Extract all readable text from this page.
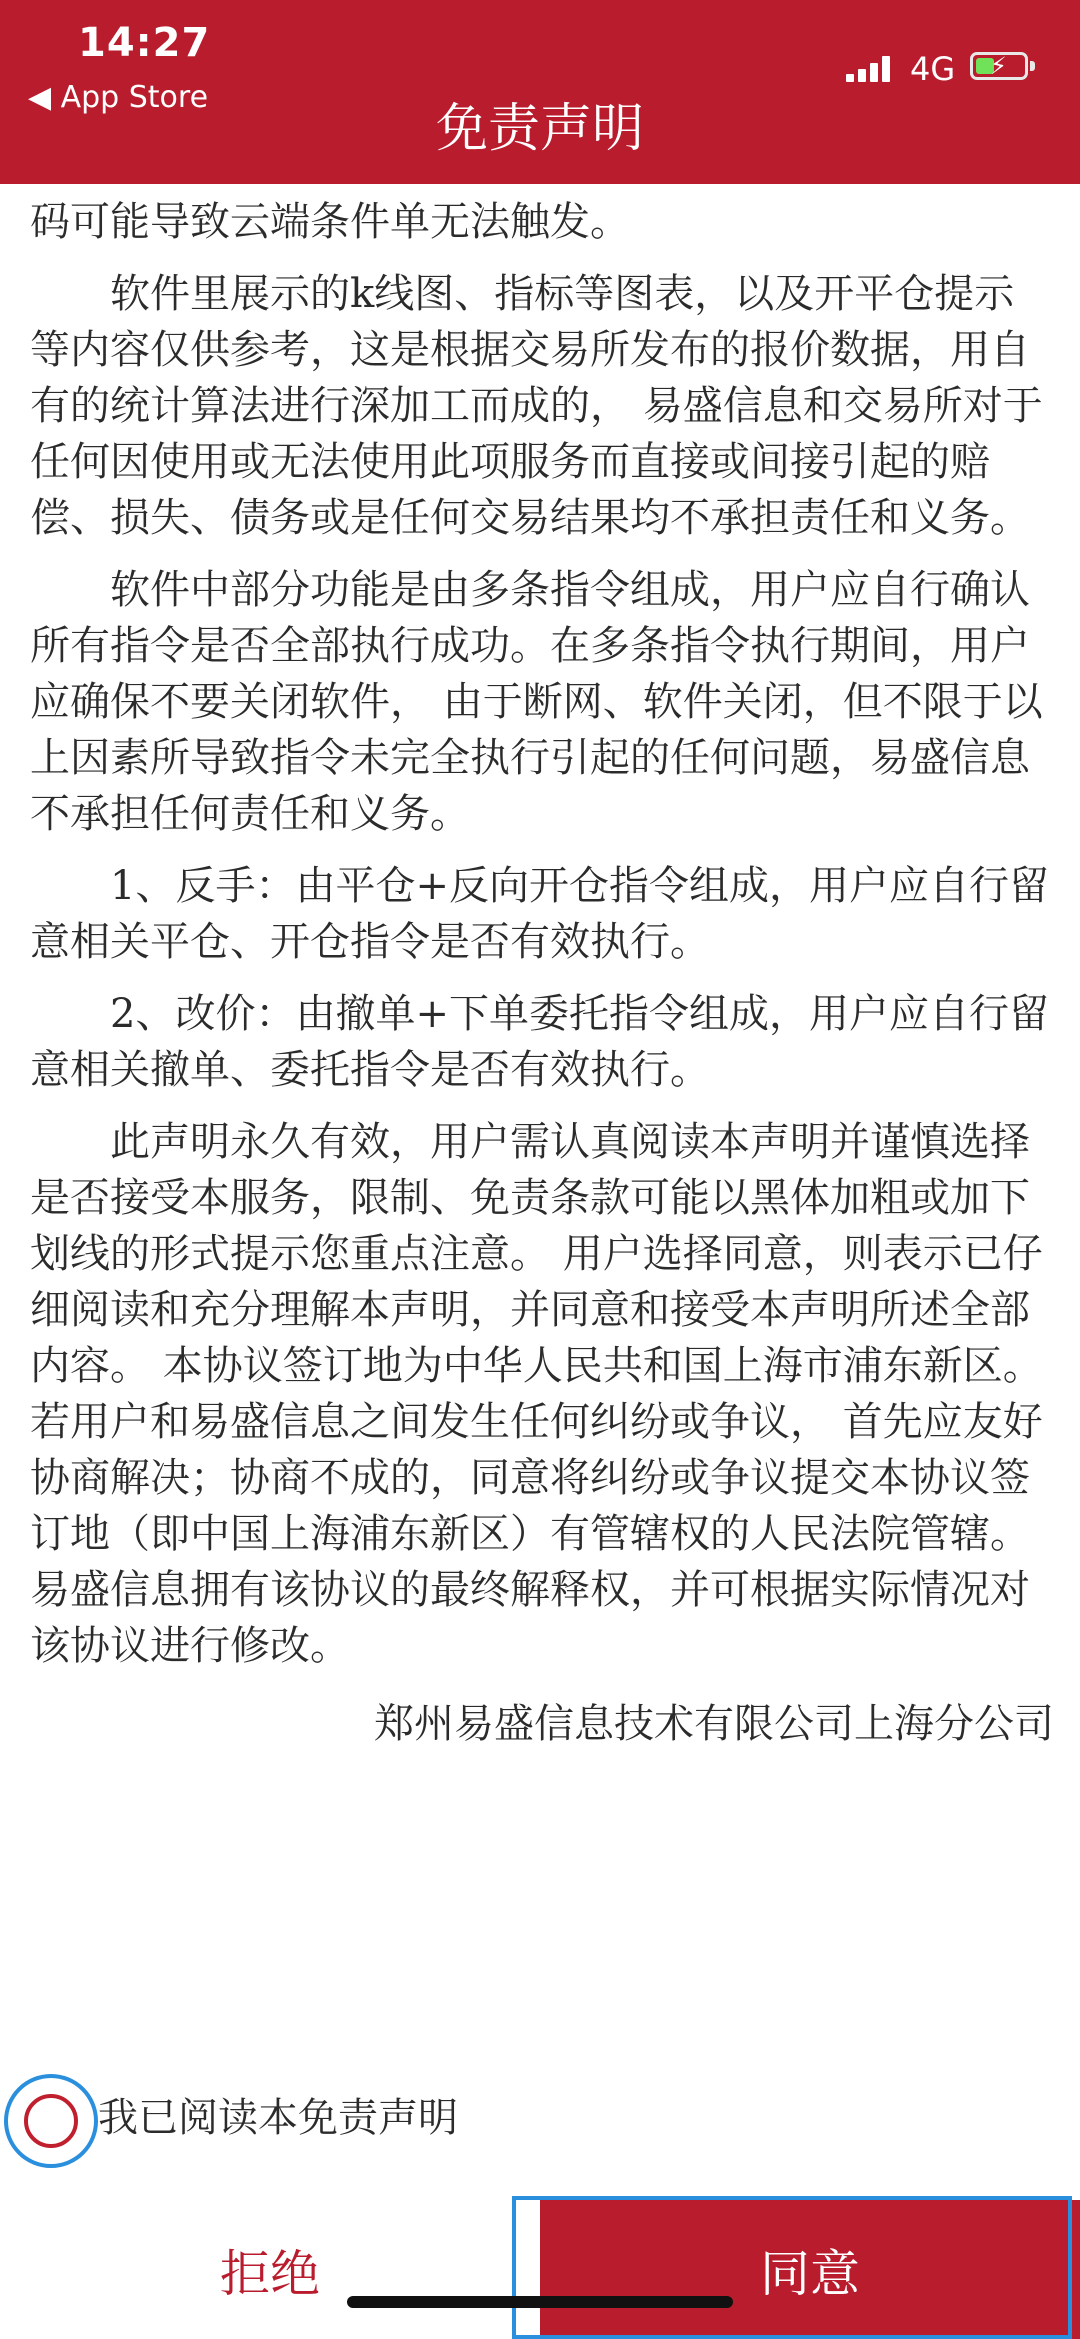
14:27
◀ App Store
4G ⚡
免责声明

码可能导致云端条件单无法触发。

软件里展示的k线图、指标等图表，以及开平仓提示等内容仅供参考，这是根据交易所发布的报价数据，用自有的统计算法进行深加工而成的， 易盛信息和交易所对于任何因使用或无法使用此项服务而直接或间接引起的赔偿、损失、债务或是任何交易结果均不承担责任和义务。

软件中部分功能是由多条指令组成，用户应自行确认所有指令是否全部执行成功。在多条指令执行期间，用户应确保不要关闭软件， 由于断网、软件关闭，但不限于以上因素所导致指令未完全执行引起的任何问题，易盛信息不承担任何责任和义务。

1、反手：由平仓+反向开仓指令组成，用户应自行留意相关平仓、开仓指令是否有效执行。

2、改价：由撤单+下单委托指令组成，用户应自行留意相关撤单、委托指令是否有效执行。

此声明永久有效，用户需认真阅读本声明并谨慎选择是否接受本服务，限制、免责条款可能以黑体加粗或加下划线的形式提示您重点注意。 用户选择同意，则表示已仔细阅读和充分理解本声明，并同意和接受本声明所述全部内容。 本协议签订地为中华人民共和国上海市浦东新区。若用户和易盛信息之间发生任何纠纷或争议， 首先应友好协商解决；协商不成的，同意将纠纷或争议提交本协议签订地（即中国上海浦东新区）有管辖权的人民法院管辖。 易盛信息拥有该协议的最终解释权，并可根据实际情况对该协议进行修改。

郑州易盛信息技术有限公司上海分公司

我已阅读本免责声明
拒绝	同意
